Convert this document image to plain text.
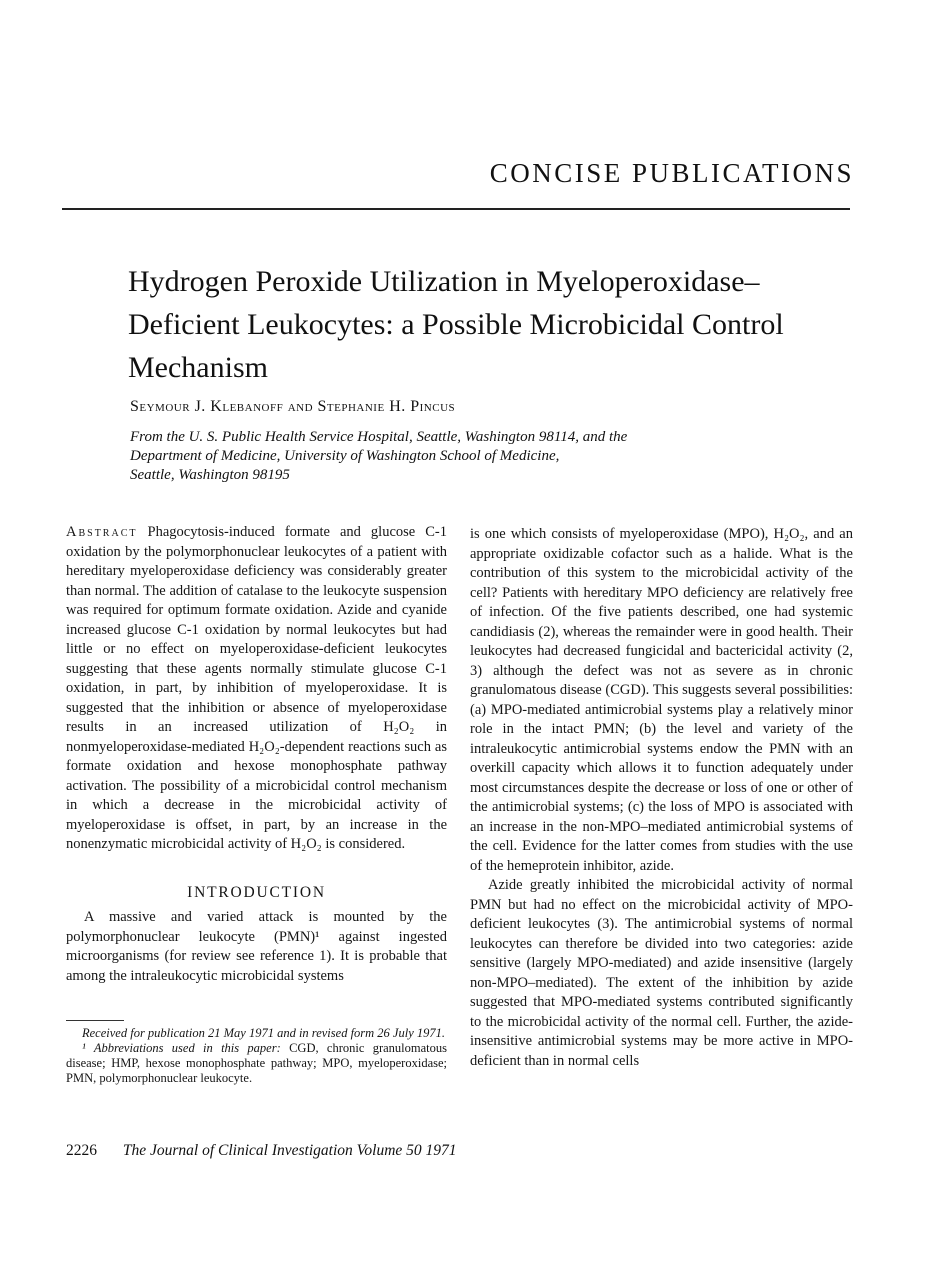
CONCISE PUBLICATIONS
Hydrogen Peroxide Utilization in Myeloperoxidase–Deficient Leukocytes: a Possible Microbicidal Control Mechanism
Seymour J. Klebanoff and Stephanie H. Pincus
From the U. S. Public Health Service Hospital, Seattle, Washington 98114, and the
Department of Medicine, University of Washington School of Medicine,
Seattle, Washington 98195

Abstract Phagocytosis-induced formate and glucose C-1 oxidation by the polymorphonuclear leukocytes of a patient with hereditary myeloperoxidase deficiency was considerably greater than normal. The addition of catalase to the leukocyte suspension was required for optimum formate oxidation. Azide and cyanide increased glucose C-1 oxidation by normal leukocytes but had little or no effect on myeloperoxidase-deficient leukocytes suggesting that these agents normally stimulate glucose C-1 oxidation, in part, by inhibition of myeloperoxidase. It is suggested that the inhibition or absence of myeloperoxidase results in an increased utilization of H₂O₂ in nonmyeloperoxidase-mediated H₂O₂-dependent reactions such as formate oxidation and hexose monophosphate pathway activation. The possibility of a microbicidal control mechanism in which a decrease in the microbicidal activity of myeloperoxidase is offset, in part, by an increase in the nonenzymatic microbicidal activity of H₂O₂ is considered.

INTRODUCTION

A massive and varied attack is mounted by the polymorphonuclear leukocyte (PMN)¹ against ingested microorganisms (for review see reference 1). It is probable that among the intraleukocytic microbicidal systems

Received for publication 21 May 1971 and in revised form 26 July 1971.

¹ Abbreviations used in this paper: CGD, chronic granulomatous disease; HMP, hexose monophosphate pathway; MPO, myeloperoxidase; PMN, polymorphonuclear leukocyte.

is one which consists of myeloperoxidase (MPO), H₂O₂, and an appropriate oxidizable cofactor such as a halide. What is the contribution of this system to the microbicidal activity of the cell? Patients with hereditary MPO deficiency are relatively free of infection. Of the five patients described, one had systemic candidiasis (2), whereas the remainder were in good health. Their leukocytes had decreased fungicidal and bactericidal activity (2, 3) although the defect was not as severe as in chronic granulomatous disease (CGD). This suggests several possibilities: (a) MPO-mediated antimicrobial systems play a relatively minor role in the intact PMN; (b) the level and variety of the intraleukocytic antimicrobial systems endow the PMN with an overkill capacity which allows it to function adequately under most circumstances despite the decrease or loss of one or other of the antimicrobial systems; (c) the loss of MPO is associated with an increase in the non-MPO–mediated antimicrobial systems of the cell. Evidence for the latter comes from studies with the use of the hemeprotein inhibitor, azide.

Azide greatly inhibited the microbicidal activity of normal PMN but had no effect on the microbicidal activity of MPO-deficient leukocytes (3). The antimicrobial systems of normal leukocytes can therefore be divided into two categories: azide sensitive (largely MPO-mediated) and azide insensitive (largely non-MPO–mediated). The extent of the inhibition by azide suggested that MPO-mediated systems contributed significantly to the microbicidal activity of the normal cell. Further, the azide-insensitive antimicrobial systems may be more active in MPO-deficient than in normal cells

2226 The Journal of Clinical Investigation Volume 50 1971
